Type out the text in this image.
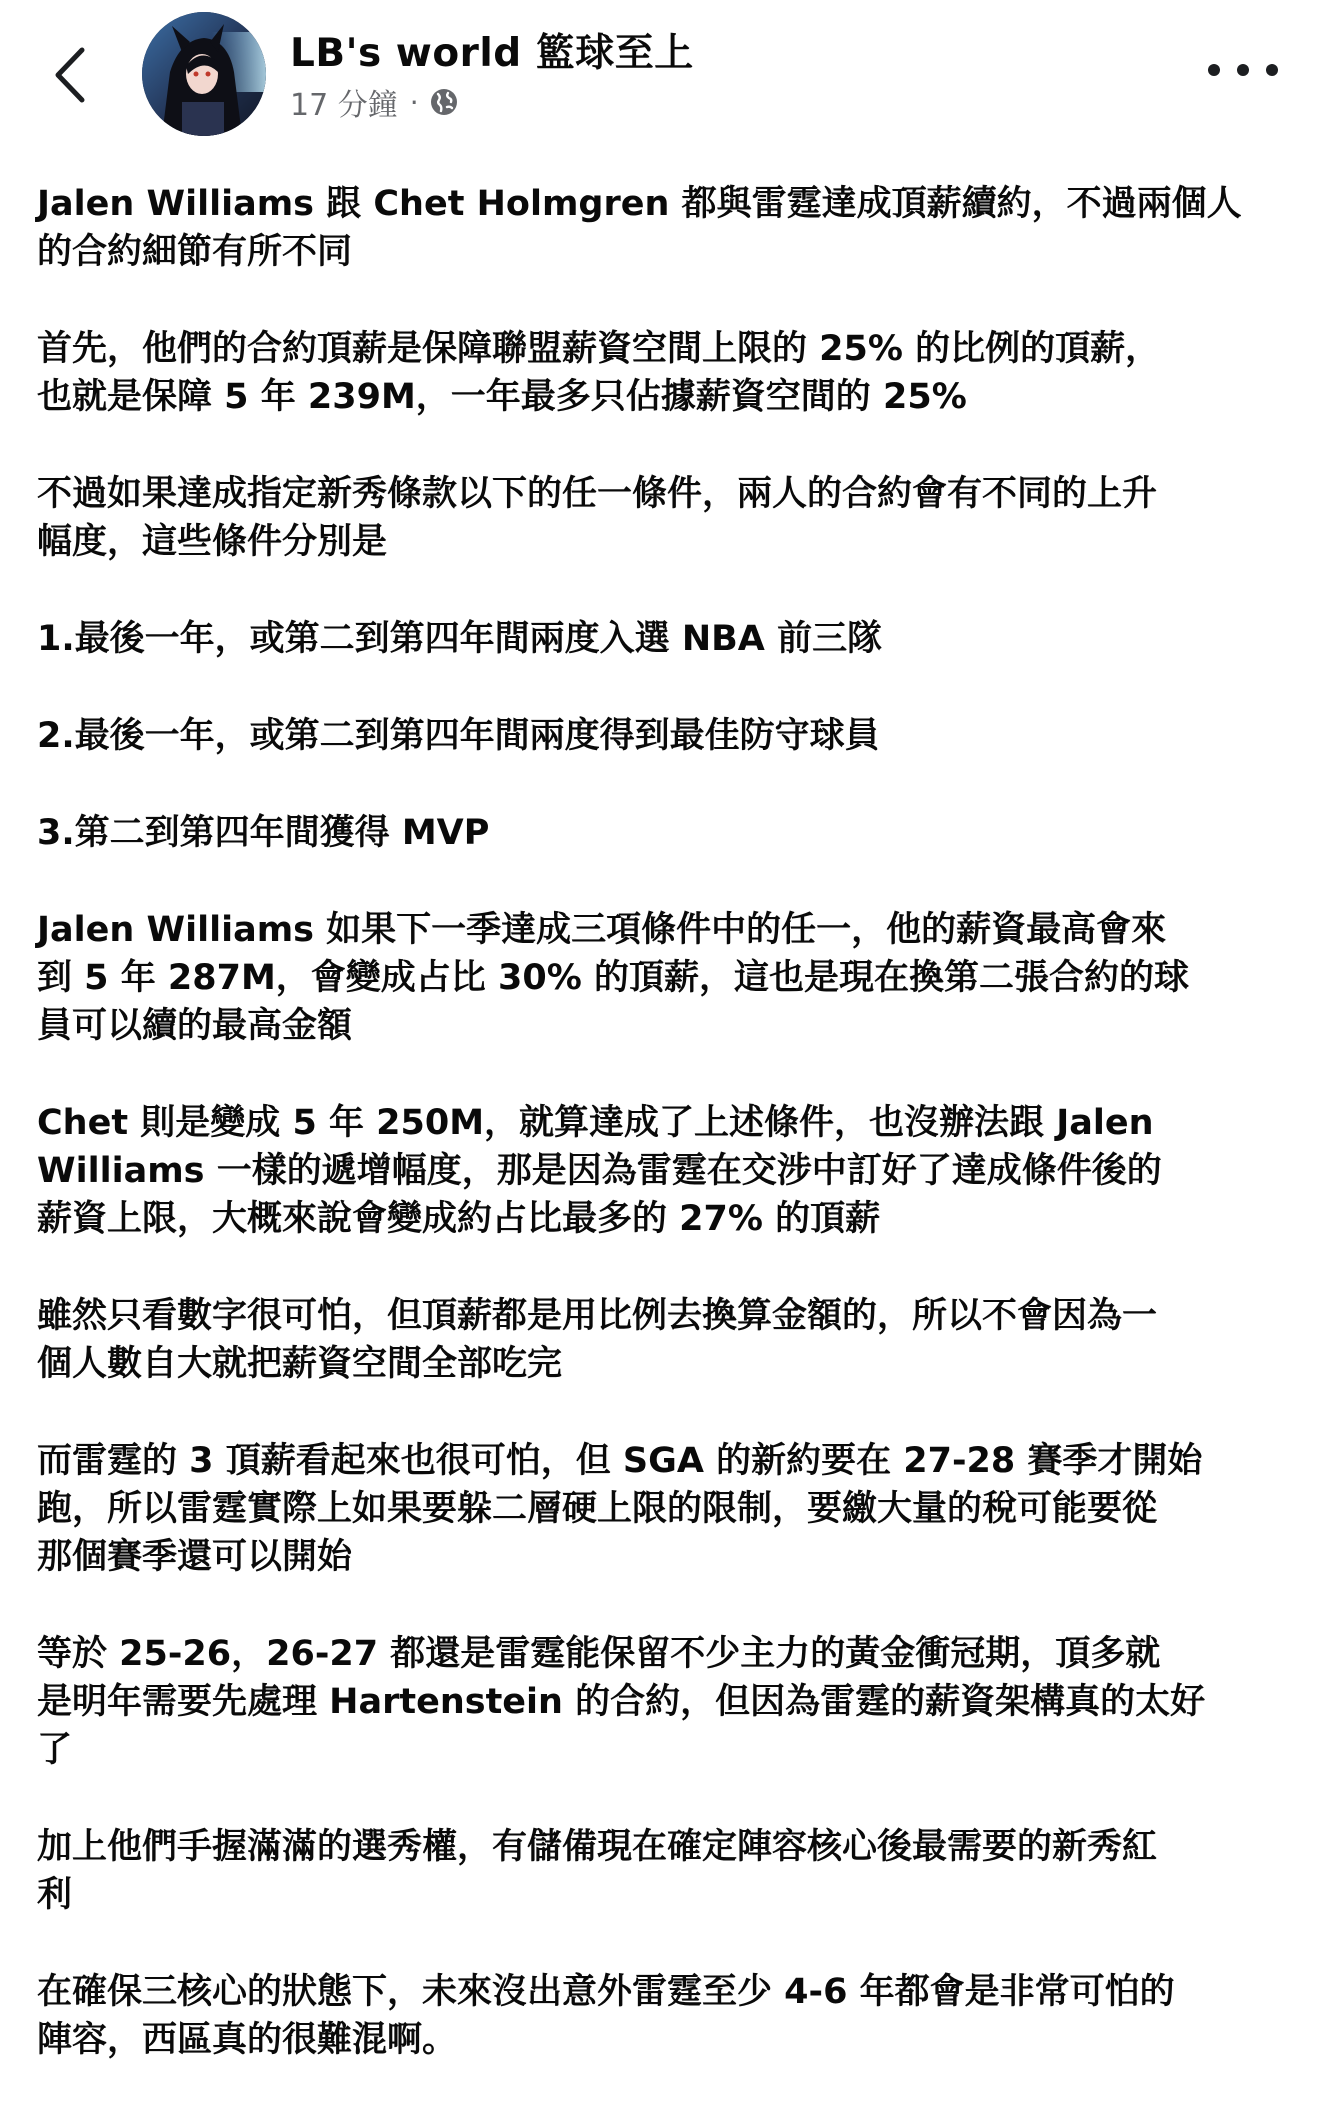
LB's world 籃球至上
17 分鐘 ·
Jalen Williams 跟 Chet Holmgren 都與雷霆達成頂薪續約，不過兩個人
的合約細節有所不同
首先，他們的合約頂薪是保障聯盟薪資空間上限的 25% 的比例的頂薪，
也就是保障 5 年 239M，一年最多只佔據薪資空間的 25%
不過如果達成指定新秀條款以下的任一條件，兩人的合約會有不同的上升
幅度，這些條件分別是
1.最後一年，或第二到第四年間兩度入選 NBA 前三隊
2.最後一年，或第二到第四年間兩度得到最佳防守球員
3.第二到第四年間獲得 MVP
Jalen Williams 如果下一季達成三項條件中的任一，他的薪資最高會來
到 5 年 287M，會變成占比 30% 的頂薪，這也是現在換第二張合約的球
員可以續的最高金額
Chet 則是變成 5 年 250M，就算達成了上述條件，也沒辦法跟 Jalen
Williams 一樣的遞增幅度，那是因為雷霆在交涉中訂好了達成條件後的
薪資上限，大概來說會變成約占比最多的 27% 的頂薪
雖然只看數字很可怕，但頂薪都是用比例去換算金額的，所以不會因為一
個人數自大就把薪資空間全部吃完
而雷霆的 3 頂薪看起來也很可怕，但 SGA 的新約要在 27-28 賽季才開始
跑，所以雷霆實際上如果要躲二層硬上限的限制，要繳大量的稅可能要從
那個賽季還可以開始
等於 25-26，26-27 都還是雷霆能保留不少主力的黃金衝冠期，頂多就
是明年需要先處理 Hartenstein 的合約，但因為雷霆的薪資架構真的太好
了
加上他們手握滿滿的選秀權，有儲備現在確定陣容核心後最需要的新秀紅
利
在確保三核心的狀態下，未來沒出意外雷霆至少 4-6 年都會是非常可怕的
陣容，西區真的很難混啊。
